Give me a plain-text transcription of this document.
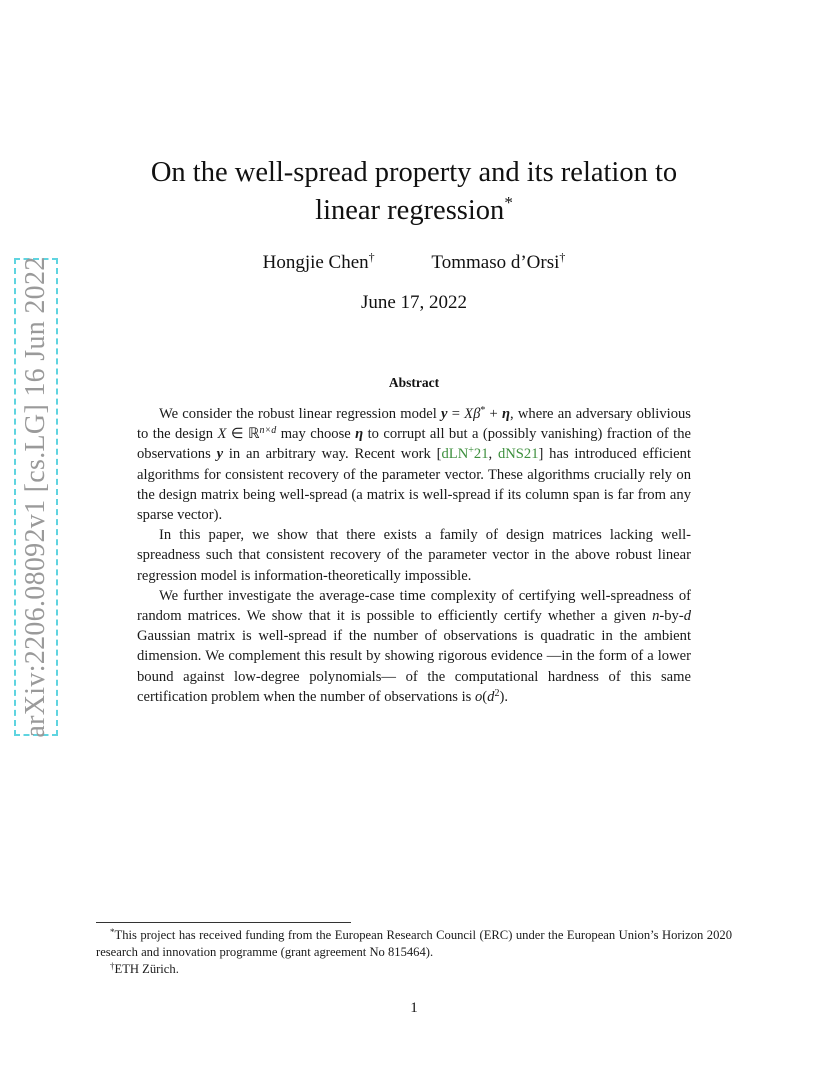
arXiv:2206.08092v1 [cs.LG] 16 Jun 2022
On the well-spread property and its relation to
linear regression*
Hongjie Chen†	Tommaso d’Orsi†
June 17, 2022
Abstract

We consider the robust linear regression model y = Xβ* + η, where an adversary oblivious to the design X ∈ ℝ$^{n\times d}$ may choose η to corrupt all but a (possibly vanishing) fraction of the observations y in an arbitrary way. Recent work [dLN+21, dNS21] has introduced efficient algorithms for consistent recovery of the parameter vector. These algorithms crucially rely on the design matrix being well-spread (a matrix is well-spread if its column span is far from any sparse vector).

In this paper, we show that there exists a family of design matrices lacking well-spreadness such that consistent recovery of the parameter vector in the above robust linear regression model is information-theoretically impossible.

We further investigate the average-case time complexity of certifying well-spreadness of random matrices. We show that it is possible to efficiently certify whether a given n-by-d Gaussian matrix is well-spread if the number of observations is quadratic in the ambient dimension. We complement this result by showing rigorous evidence —in the form of a lower bound against low-degree polynomials— of the computational hardness of this same certification problem when the number of observations is $o(d^2)$.

*This project has received funding from the European Research Council (ERC) under the European Union’s Horizon 2020 research and innovation programme (grant agreement No 815464).

†ETH Zürich.

1
